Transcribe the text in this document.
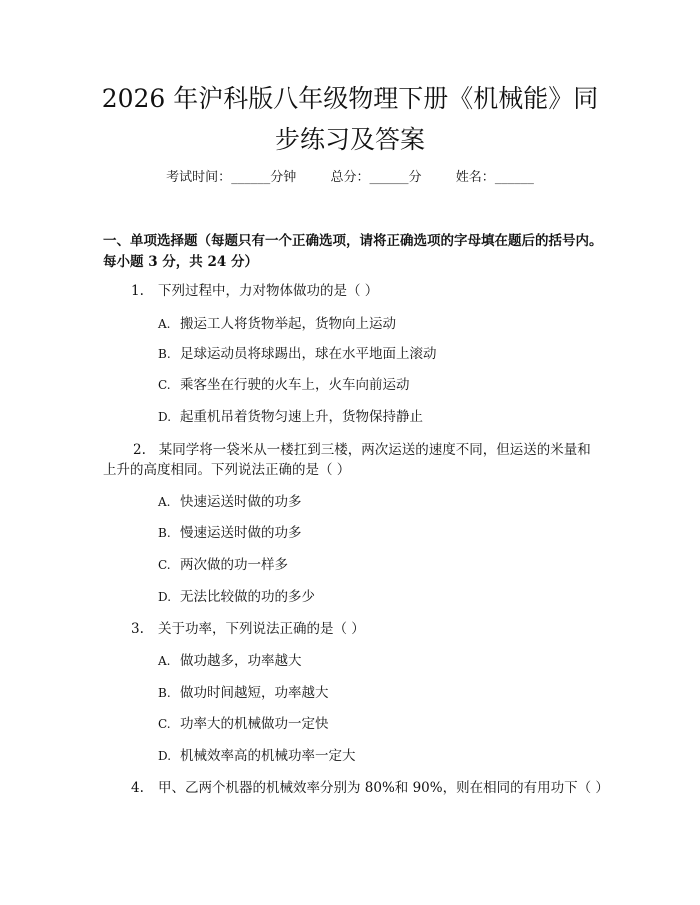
2026 年沪科版八年级物理下册《机械能》同
步练习及答案
考试时间：______分钟	总分：______分	姓名：______

一、单项选择题（每题只有一个正确选项，请将正确选项的字母填在题后的括号内。每小题 3 分，共 24 分）

1. 下列过程中，力对物体做功的是（ ）
A. 搬运工人将货物举起，货物向上运动
B. 足球运动员将球踢出，球在水平地面上滚动
C. 乘客坐在行驶的火车上，火车向前运动
D. 起重机吊着货物匀速上升，货物保持静止
2. 某同学将一袋米从一楼扛到三楼，两次运送的速度不同，但运送的米量和上升的高度相同。下列说法正确的是（ ）
A. 快速运送时做的功多
B. 慢速运送时做的功多
C. 两次做的功一样多
D. 无法比较做的功的多少
3. 关于功率，下列说法正确的是（ ）
A. 做功越多，功率越大
B. 做功时间越短，功率越大
C. 功率大的机械做功一定快
D. 机械效率高的机械功率一定大
4. 甲、乙两个机器的机械效率分别为 80%和 90%，则在相同的有用功下（ ）
